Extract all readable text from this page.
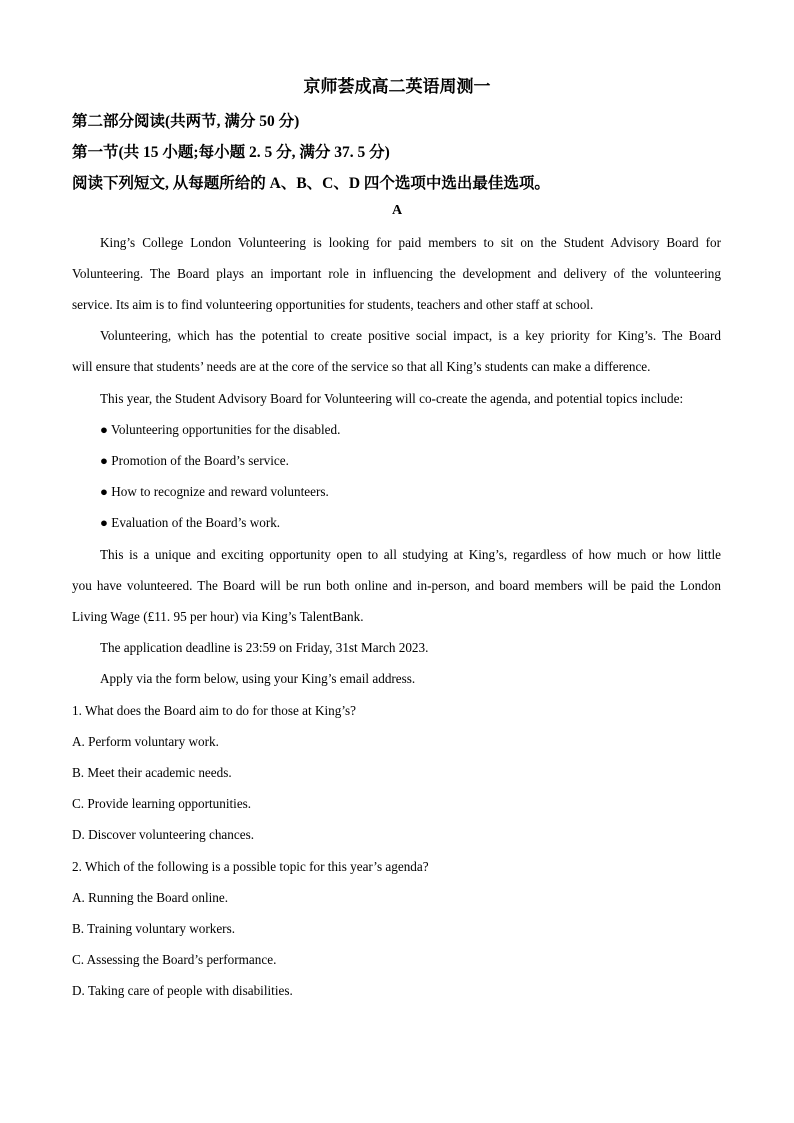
京师荟成高二英语周测一
第二部分阅读(共两节, 满分 50 分)
第一节(共 15 小题;每小题 2. 5 分, 满分 37. 5 分)
阅读下列短文, 从每题所给的 A、B、C、D 四个选项中选出最佳选项。
A
King’s College London Volunteering is looking for paid members to sit on the Student Advisory Board for
Volunteering. The Board plays an important role in influencing the development and delivery of the volunteering
service. Its aim is to find volunteering opportunities for students, teachers and other staff at school.
Volunteering, which has the potential to create positive social impact, is a key priority for King’s. The Board
will ensure that students’ needs are at the core of the service so that all King’s students can make a difference.
This year, the Student Advisory Board for Volunteering will co-create the agenda, and potential topics include:
● Volunteering opportunities for the disabled.
● Promotion of the Board’s service.
● How to recognize and reward volunteers.
● Evaluation of the Board’s work.
This is a unique and exciting opportunity open to all studying at King’s, regardless of how much or how little
you have volunteered. The Board will be run both online and in-person, and board members will be paid the London
Living Wage (£11. 95 per hour) via King’s TalentBank.
The application deadline is 23:59 on Friday, 31st March 2023.
Apply via the form below, using your King’s email address.
1. What does the Board aim to do for those at King’s?
A. Perform voluntary work.
B. Meet their academic needs.
C. Provide learning opportunities.
D. Discover volunteering chances.
2. Which of the following is a possible topic for this year’s agenda?
A. Running the Board online.
B. Training voluntary workers.
C. Assessing the Board’s performance.
D. Taking care of people with disabilities.
